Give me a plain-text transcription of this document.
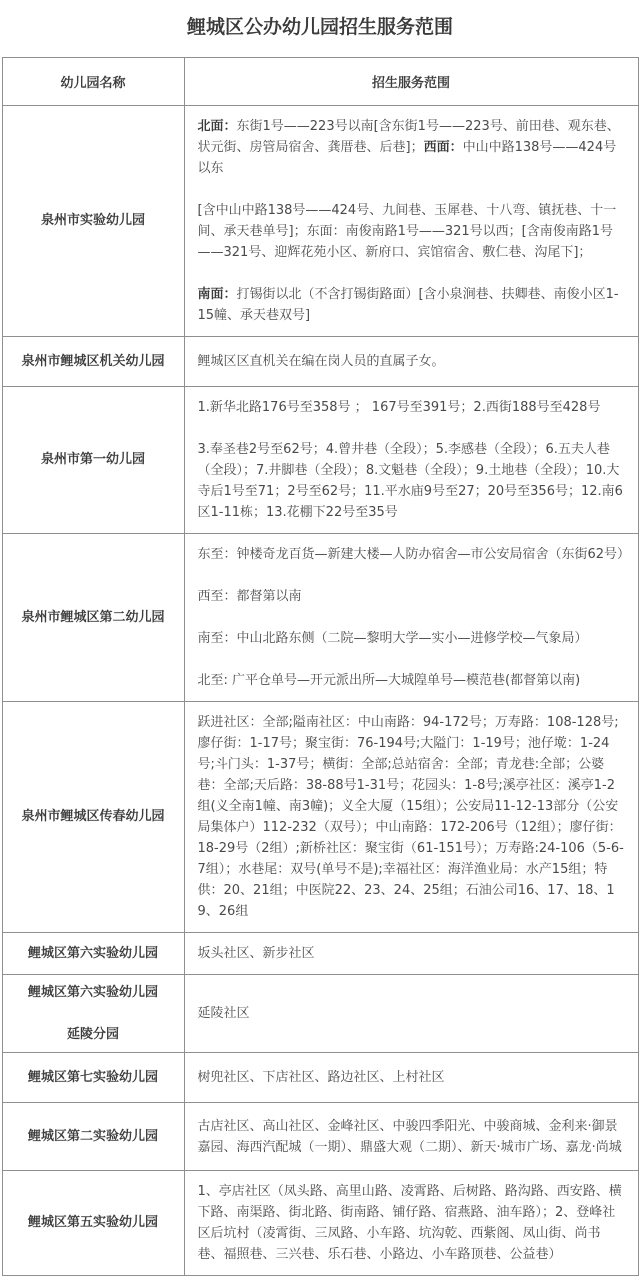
鲤城区公办幼儿园招生服务范围
幼儿园名称	招生服务范围

泉州市实验幼儿园	北面：东街1号——223号以南[含东街1号——223号、前田巷、观东巷、状元街、房管局宿舍、龚厝巷、后巷]；西面：中山中路138号——424号以东

[含中山中路138号——424号、九间巷、玉犀巷、十八弯、镇抚巷、十一间、承天巷单号]；东面：南俊南路1号——321号以西；[含南俊南路1号——321号、迎辉花苑小区、新府口、宾馆宿舍、敷仁巷、沟尾下]；

南面：打锡街以北（不含打锡街路面）[含小泉涧巷、扶卿巷、南俊小区1-15幢、承天巷双号]

泉州市鲤城区机关幼儿园	鲤城区区直机关在编在岗人员的直属子女。

泉州市第一幼儿园	1.新华北路176号至358号 ； 167号至391号；2.西街188号至428号

3.奉圣巷2号至62号；4.曾井巷（全段）；5.李感巷（全段）；6.五夫人巷（全段）；7.井脚巷（全段）；8.文魁巷（全段）；9.土地巷（全段）；10.大寺后1号至71；2号至62号；11.平水庙9号至27；20号至356号；12.南6区1-11栋；13.花棚下22号至35号

泉州市鲤城区第二幼儿园	东至：钟楼奇龙百货—新建大楼—人防办宿舍—市公安局宿舍（东街62号）

西至：都督第以南

南至：中山北路东侧（二院—黎明大学—实小—进修学校—气象局）

北至: 广平仓单号—开元派出所—大城隍单号—模范巷(都督第以南)

泉州市鲤城区传春幼儿园	跃进社区：全部;隘南社区：中山南路：94-172号；万寿路：108-128号;廖仔街：1-17号；聚宝街：76-194号;大隘门：1-19号；池仔墘：1-24号;斗门头：1-37号；横街：全部;总站宿舍：全部；青龙巷:全部；公婆巷：全部;天后路：38-88号1-31号；花园头：1-8号;溪亭社区：溪亭1-2组(义全南1幢、南3幢)；义全大厦（15组）；公安局11-12-13部分（公安局集体户）112-232（双号）；中山南路：172-206号（12组）；廖仔街：18-29号（2组）;新桥社区：聚宝街（61-151号）；万寿路:24-106（5-6-7组）；水巷尾：双号(单号不是);幸福社区：海洋渔业局：水产15组；特供：20、21组；中医院22、23、24、25组；石油公司16、17、18、19、26组

鲤城区第六实验幼儿园	坂头社区、新步社区

鲤城区第六实验幼儿园
延陵分园	延陵社区

鲤城区第七实验幼儿园	树兜社区、下店社区、路边社区、上村社区

鲤城区第二实验幼儿园	古店社区、高山社区、金峰社区、中骏四季阳光、中骏商城、金利来·御景嘉园、海西汽配城（一期）、鼎盛大观（二期）、新天·城市广场、嘉龙·尚城

鲤城区第五实验幼儿园	1、亭店社区（凤头路、高里山路、凌霄路、后树路、路沟路、西安路、横下路、南渠路、街北路、街南路、铺仔路、宿燕路、油车路）；2、登峰社区后坑村（凌霄街、三凤路、小车路、坑沟乾、西紫阁、凤山街、尚书巷、福照巷、三兴巷、乐石巷、小路边、小车路顶巷、公益巷）
